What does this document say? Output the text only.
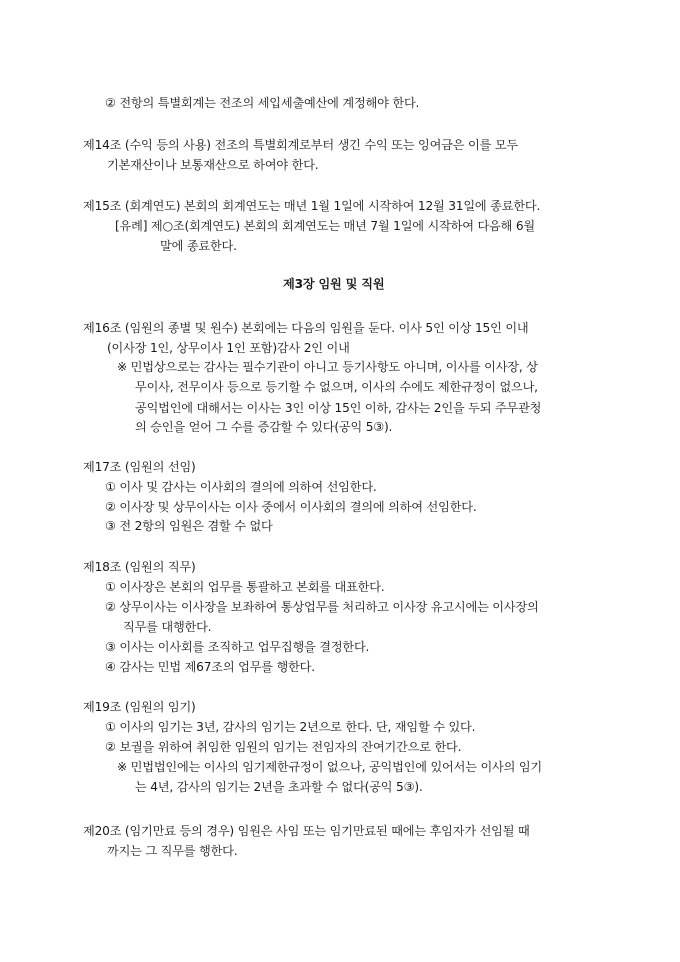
② 전항의 특별회계는 전조의 세입세출예산에 계정해야 한다.
제14조 (수익 등의 사용) 전조의 특별회계로부터 생긴 수익 또는 잉여금은 이를 모두
기본재산이나 보통재산으로 하여야 한다.
제15조 (회계연도) 본회의 회계연도는 매년 1월 1일에 시작하여 12월 31일에 종료한다.
[유례] 제○조(회계연도) 본회의 회계연도는 매년 7월 1일에 시작하여 다음해 6월
말에 종료한다.
제3장 임원 및 직원
제16조 (임원의 종별 및 원수) 본회에는 다음의 임원을 둔다. 이사 5인 이상 15인 이내
(이사장 1인, 상무이사 1인 포함)감사 2인 이내
※ 민법상으로는 감사는 필수기관이 아니고 등기사항도 아니며, 이사를 이사장, 상
무이사, 전무이사 등으로 등기할 수 없으며, 이사의 수에도 제한규정이 없으나,
공익법인에 대해서는 이사는 3인 이상 15인 이하, 감사는 2인을 두되 주무관청
의 승인을 얻어 그 수를 증감할 수 있다(공익 5③).
제17조 (임원의 선임)
① 이사 및 감사는 이사회의 결의에 의하여 선임한다.
② 이사장 및 상무이사는 이사 중에서 이사회의 결의에 의하여 선임한다.
③ 전 2항의 임원은 겸할 수 없다
제18조 (임원의 직무)
① 이사장은 본회의 업무를 통괄하고 본회를 대표한다.
② 상무이사는 이사장을 보좌하여 통상업무를 처리하고 이사장 유고시에는 이사장의
직무를 대행한다.
③ 이사는 이사회를 조직하고 업무집행을 결정한다.
④ 감사는 민법 제67조의 업무를 행한다.
제19조 (임원의 임기)
① 이사의 임기는 3년, 감사의 임기는 2년으로 한다. 단, 재임할 수 있다.
② 보궐을 위하여 취임한 임원의 임기는 전임자의 잔여기간으로 한다.
※ 민법법인에는 이사의 임기제한규정이 없으나, 공익법인에 있어서는 이사의 임기
는 4년, 감사의 임기는 2년을 초과할 수 없다(공익 5③).
제20조 (임기만료 등의 경우) 임원은 사임 또는 임기만료된 때에는 후임자가 선임될 때
까지는 그 직무를 행한다.
